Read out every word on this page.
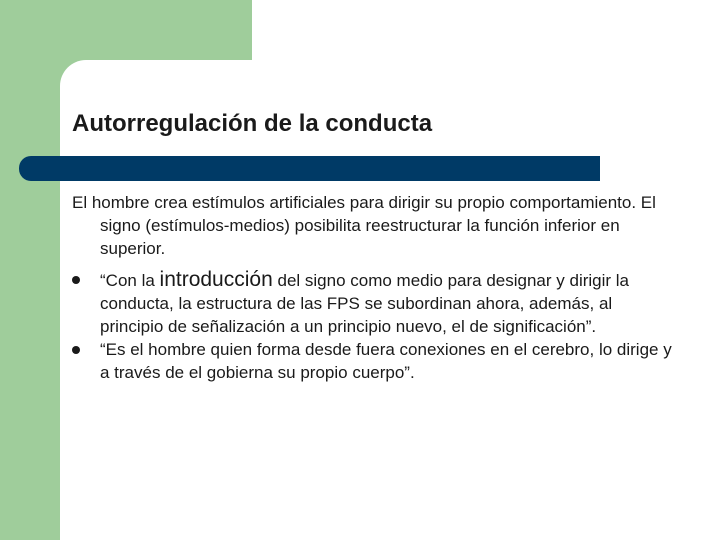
Autorregulación de la conducta

El hombre crea estímulos artificiales para dirigir su propio comportamiento. El signo (estímulos-medios) posibilita reestructurar la función inferior en superior.

“Con la introducción del signo como medio para designar y dirigir la conducta, la estructura de las FPS se subordinan ahora, además, al principio de señalización a un principio nuevo, el de significación”.
“Es el hombre quien forma desde fuera conexiones en el cerebro, lo dirige y a través de el gobierna su propio cuerpo”.
